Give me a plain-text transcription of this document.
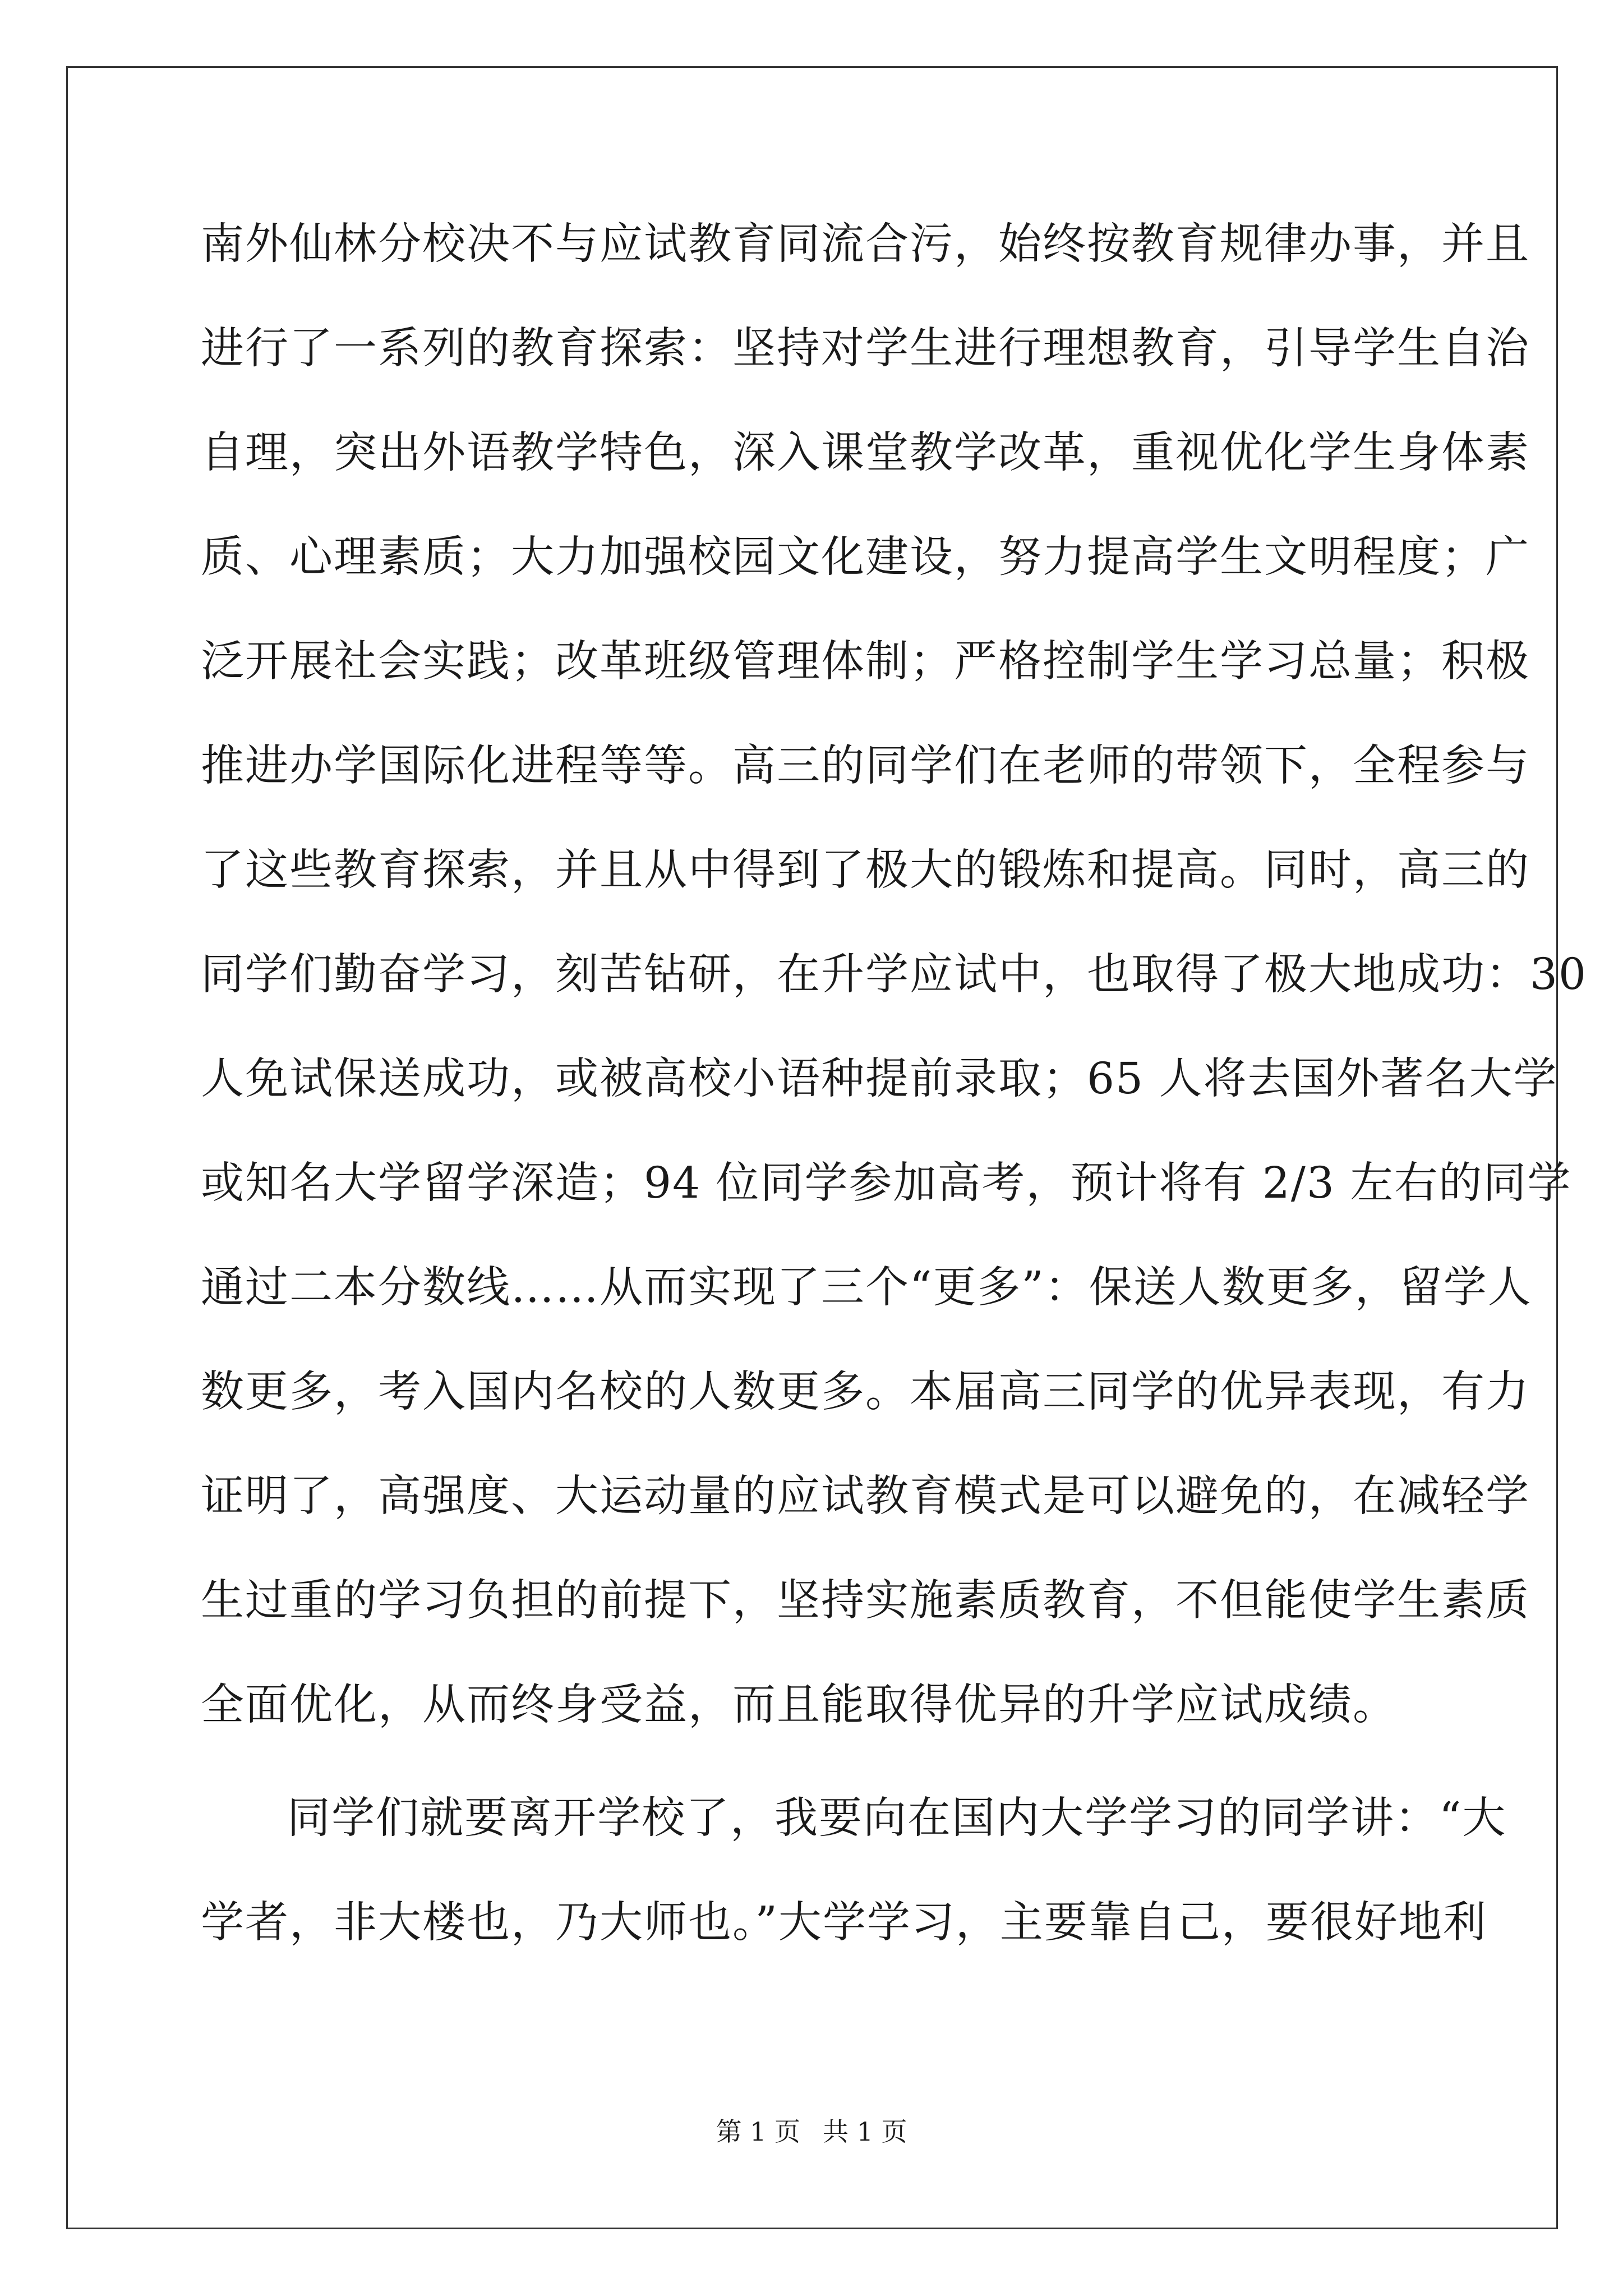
南外仙林分校决不与应试教育同流合污，始终按教育规律办事，并且
进行了一系列的教育探索：坚持对学生进行理想教育，引导学生自治
自理，突出外语教学特色，深入课堂教学改革，重视优化学生身体素
质、心理素质；大力加强校园文化建设，努力提高学生文明程度；广
泛开展社会实践；改革班级管理体制；严格控制学生学习总量；积极
推进办学国际化进程等等。高三的同学们在老师的带领下，全程参与
了这些教育探索，并且从中得到了极大的锻炼和提高。同时，高三的
同学们勤奋学习，刻苦钻研，在升学应试中，也取得了极大地成功：30
人免试保送成功，或被高校小语种提前录取；65 人将去国外著名大学
或知名大学留学深造；94 位同学参加高考，预计将有 2/3 左右的同学
通过二本分数线……从而实现了三个“更多”：保送人数更多，留学人
数更多，考入国内名校的人数更多。本届高三同学的优异表现，有力
证明了，高强度、大运动量的应试教育模式是可以避免的，在减轻学
生过重的学习负担的前提下，坚持实施素质教育，不但能使学生素质
全面优化，从而终身受益，而且能取得优异的升学应试成绩。
同学们就要离开学校了，我要向在国内大学学习的同学讲：“大
学者，非大楼也，乃大师也。”大学学习，主要靠自己，要很好地利
第 1 页 共 1 页
